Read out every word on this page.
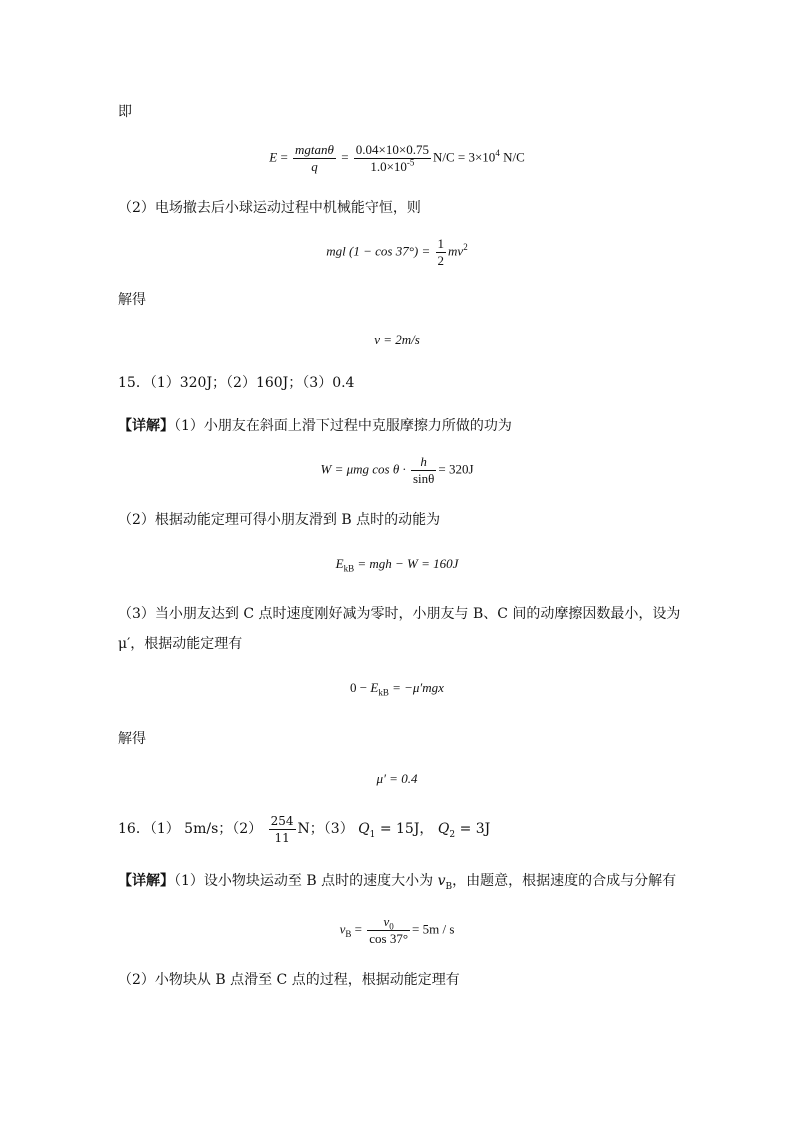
即
$E = \frac{mgtan\theta}{q} = \frac{0.04\times 10\times 0.75}{1.0\times 10^{-5}} N/C = 3\times 10^4$ N/C
（2）电场撤去后小球运动过程中机械能守恒，则
mgl $(1 - \cos 37^\circ) = \frac{1}{2} mv^2$
解得
v = 2m/s
15．（1）320J；（2）160J；（3）0.4
【详解】（1）小朋友在斜面上滑下过程中克服摩擦力所做的功为
W = μmg $\cos \theta \cdot \frac{h}{\sin\theta} = 320J$
（2）根据动能定理可得小朋友滑到 B 点时的动能为
$E_{kB}$ = mgh − W = 160J
（3）当小朋友达到 C 点时速度刚好减为零时，小朋友与 B、C 间的动摩擦因数最小，设为
μ′，根据动能定理有
$0 - E_{kB} = -\mu'mgx$
解得
μ′ = 0.4
16．（1） 5m/s；$(2) \frac{254}{11}$ N；（3） $Q_1 = 15J$， $Q_2 = 3J$
【详解】（1）设小物块运动至 B 点时的速度大小为 $v_B$，由题意，根据速度的合成与分解有
$v_B = \frac{v_0}{\cos 37^\circ} = 5m / s$
（2）小物块从 B 点滑至 C 点的过程，根据动能定理有
